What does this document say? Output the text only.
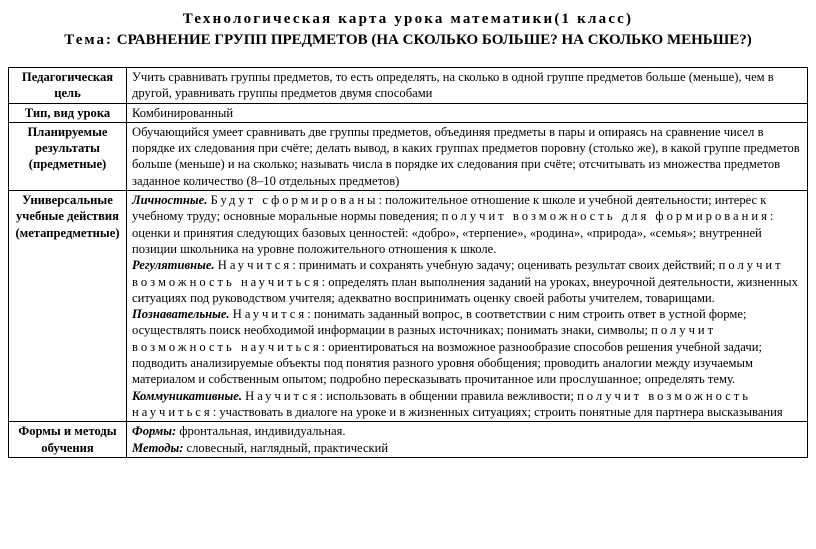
Технологическая карта урока математики(1 класс)
Тема: СРАВНЕНИЕ ГРУПП ПРЕДМЕТОВ (НА СКОЛЬКО БОЛЬШЕ? НА СКОЛЬКО МЕНЬШЕ?)
Педагогическая цель	Учить сравнивать группы предметов, то есть определять, на сколько в одной группе предметов больше (меньше), чем в другой, уравнивать группы предметов двумя способами
Тип, вид урока	Комбинированный
Планируемые результаты (предметные)	Обучающийся умеет сравнивать две группы предметов, объединяя предметы в пары и опираясь на сравнение чисел в порядке их следования при счёте; делать вывод, в каких группах предметов поровну (столько же), в какой группе предметов больше (меньше) и на сколько; называть числа в порядке их следования при счёте; отсчитывать из множества предметов заданное количество (8–10 отдельных предметов)
Универсальные учебные действия (метапредметные)	Личностные. Будут сформированы: положительное отношение к школе и учебной деятельности; интерес к учебному труду; основные моральные нормы поведения; получит возможность для формирования: оценки и принятия следующих базовых ценностей: «добро», «терпение», «родина», «природа», «семья»; внутренней позиции школьника на уровне положительного отношения к школе.
Регулятивные. Научится: принимать и сохранять учебную задачу; оценивать результат своих действий; получит возможность научиться: определять план выполнения заданий на уроках, внеурочной деятельности, жизненных ситуациях под руководством учителя; адекватно воспринимать оценку своей работы учителем, товарищами.
Познавательные. Научится: понимать заданный вопрос, в соответствии с ним строить ответ в устной форме; осуществлять поиск необходимой информации в разных источниках; понимать знаки, символы; получит возможность научиться: ориентироваться на возможное разнообразие способов решения учебной задачи; подводить анализируемые объекты под понятия разного уровня обобщения; проводить аналогии между изучаемым материалом и собственным опытом; подробно пересказывать прочитанное или прослушанное; определять тему.
Коммуникативные. Научится: использовать в общении правила вежливости; получит возможность научиться: участвовать в диалоге на уроке и в жизненных ситуациях; строить понятные для партнера высказывания

Формы и методы обучения	Формы: фронтальная, индивидуальная.
Методы: словесный, наглядный, практический
